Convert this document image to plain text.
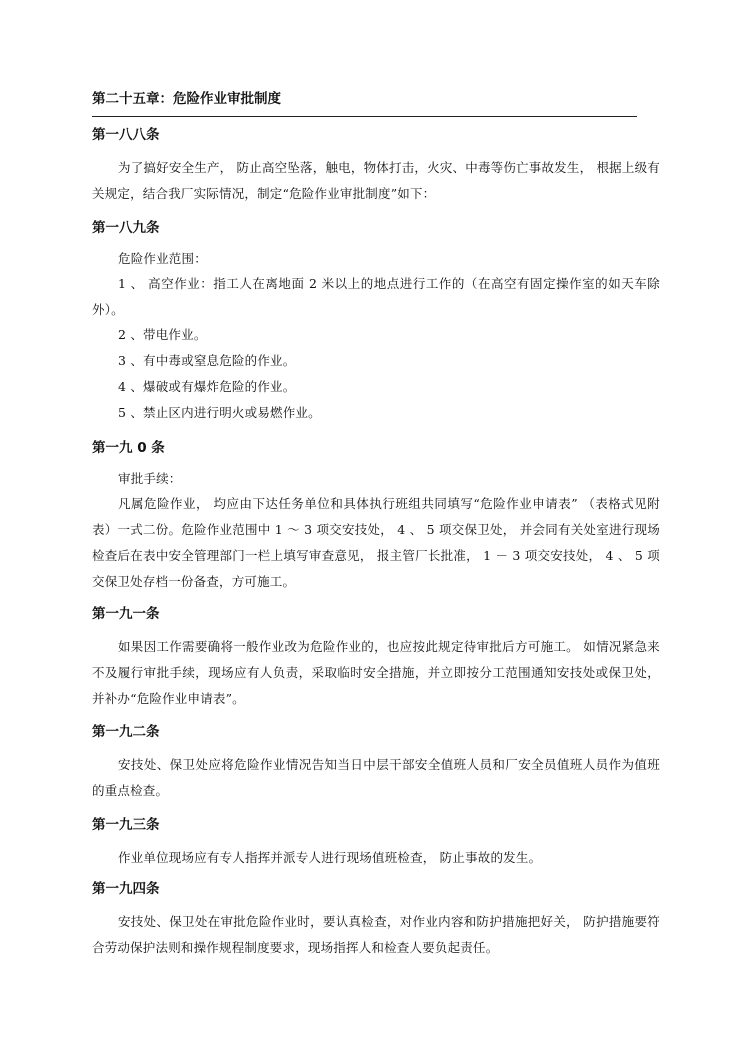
第二十五章：危险作业审批制度
第一八八条
为了搞好安全生产， 防止高空坠落，触电，物体打击，火灾、中毒等伤亡事故发生， 根据上级有关规定，结合我厂实际情况，制定“危险作业审批制度”如下：
第一八九条
危险作业范围：
1 、 高空作业：指工人在离地面 2 米以上的地点进行工作的（在高空有固定操作室的如天车除外）。
2 、带电作业。
3 、有中毒或窒息危险的作业。
4 、爆破或有爆炸危险的作业。
5 、禁止区内进行明火或易燃作业。
第一九 0 条
审批手续：
凡属危险作业， 均应由下达任务单位和具体执行班组共同填写“危险作业申请表” （表格式见附表）一式二份。危险作业范围中 1 ～ 3 项交安技处， 4 、 5 项交保卫处， 并会同有关处室进行现场检查后在表中安全管理部门一栏上填写审查意见， 报主管厂长批准， 1 － 3 项交安技处， 4 、 5 项交保卫处存档一份备查，方可施工。
第一九一条
如果因工作需要确将一般作业改为危险作业的，也应按此规定待审批后方可施工。 如情况紧急来不及履行审批手续，现场应有人负责，采取临时安全措施，并立即按分工范围通知安技处或保卫处，并补办“危险作业申请表”。
第一九二条
安技处、保卫处应将危险作业情况告知当日中层干部安全值班人员和厂安全员值班人员作为值班的重点检查。
第一九三条
作业单位现场应有专人指挥并派专人进行现场值班检查， 防止事故的发生。
第一九四条
安技处、保卫处在审批危险作业时，要认真检查，对作业内容和防护措施把好关， 防护措施要符合劳动保护法则和操作规程制度要求，现场指挥人和检查人要负起责任。
